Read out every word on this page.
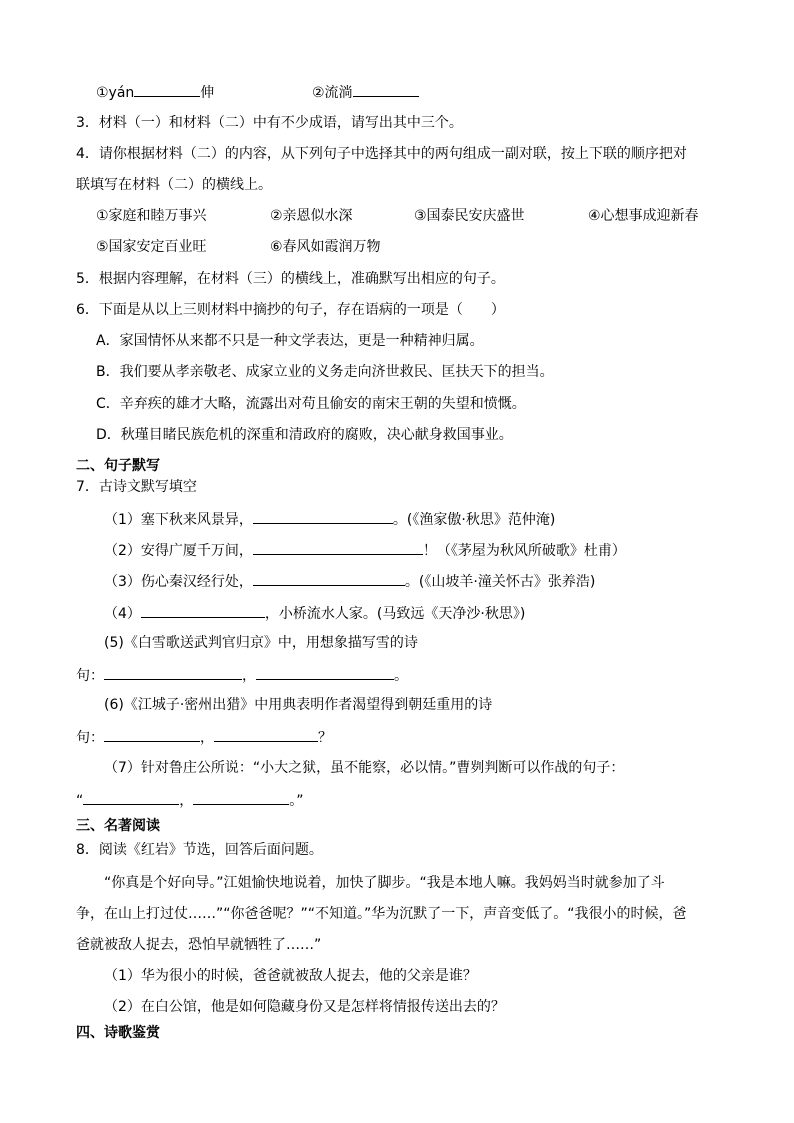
①yán	伸	②流淌
3．材料（一）和材料（二）中有不少成语，请写出其中三个。
4．请你根据材料（二）的内容，从下列句子中选择其中的两句组成一副对联，按上下联的顺序把对
联填写在材料（二）的横线上。
①家庭和睦万事兴	②亲恩似水深	③国泰民安庆盛世	④心想事成迎新春
⑤国家安定百业旺	⑥春风如霞润万物
5．根据内容理解，在材料（三）的横线上，准确默写出相应的句子。
6．下面是从以上三则材料中摘抄的句子，存在语病的一项是（　　）
A．家国情怀从来都不只是一种文学表达，更是一种精神归属。
B．我们要从孝亲敬老、成家立业的义务走向济世救民、匡扶天下的担当。
C．辛弃疾的雄才大略，流露出对苟且偷安的南宋王朝的失望和愤慨。
D．秋瑾目睹民族危机的深重和清政府的腐败，决心献身救国事业。
二、句子默写
7．古诗文默写填空
（1）塞下秋来风景异，	。(《渔家傲·秋思》范仲淹)
（2）安得广厦千万间，	！（《茅屋为秋风所破歌》杜甫）
（3）伤心秦汉经行处，	。(《山坡羊·潼关怀古》张养浩)
（4）	，小桥流水人家。(马致远《天净沙·秋思》)
(5)《白雪歌送武判官归京》中，用想象描写雪的诗
句：	，	。
(6)《江城子·密州出猎》中用典表明作者渴望得到朝廷重用的诗
句：	，	？
（7）针对鲁庄公所说：“小大之狱，虽不能察，必以情。”曹刿判断可以作战的句子：
“	，	。”
三、名著阅读
8．阅读《红岩》节选，回答后面问题。
“你真是个好向导。”江姐愉快地说着，加快了脚步。“我是本地人嘛。我妈妈当时就参加了斗
争，在山上打过仗……”“你爸爸呢？”“不知道。”华为沉默了一下，声音变低了。“我很小的时候，爸
爸就被敌人捉去，恐怕早就牺牲了……”
（1）华为很小的时候，爸爸就被敌人捉去，他的父亲是谁？
（2）在白公馆，他是如何隐藏身份又是怎样将情报传送出去的？
四、诗歌鉴赏
